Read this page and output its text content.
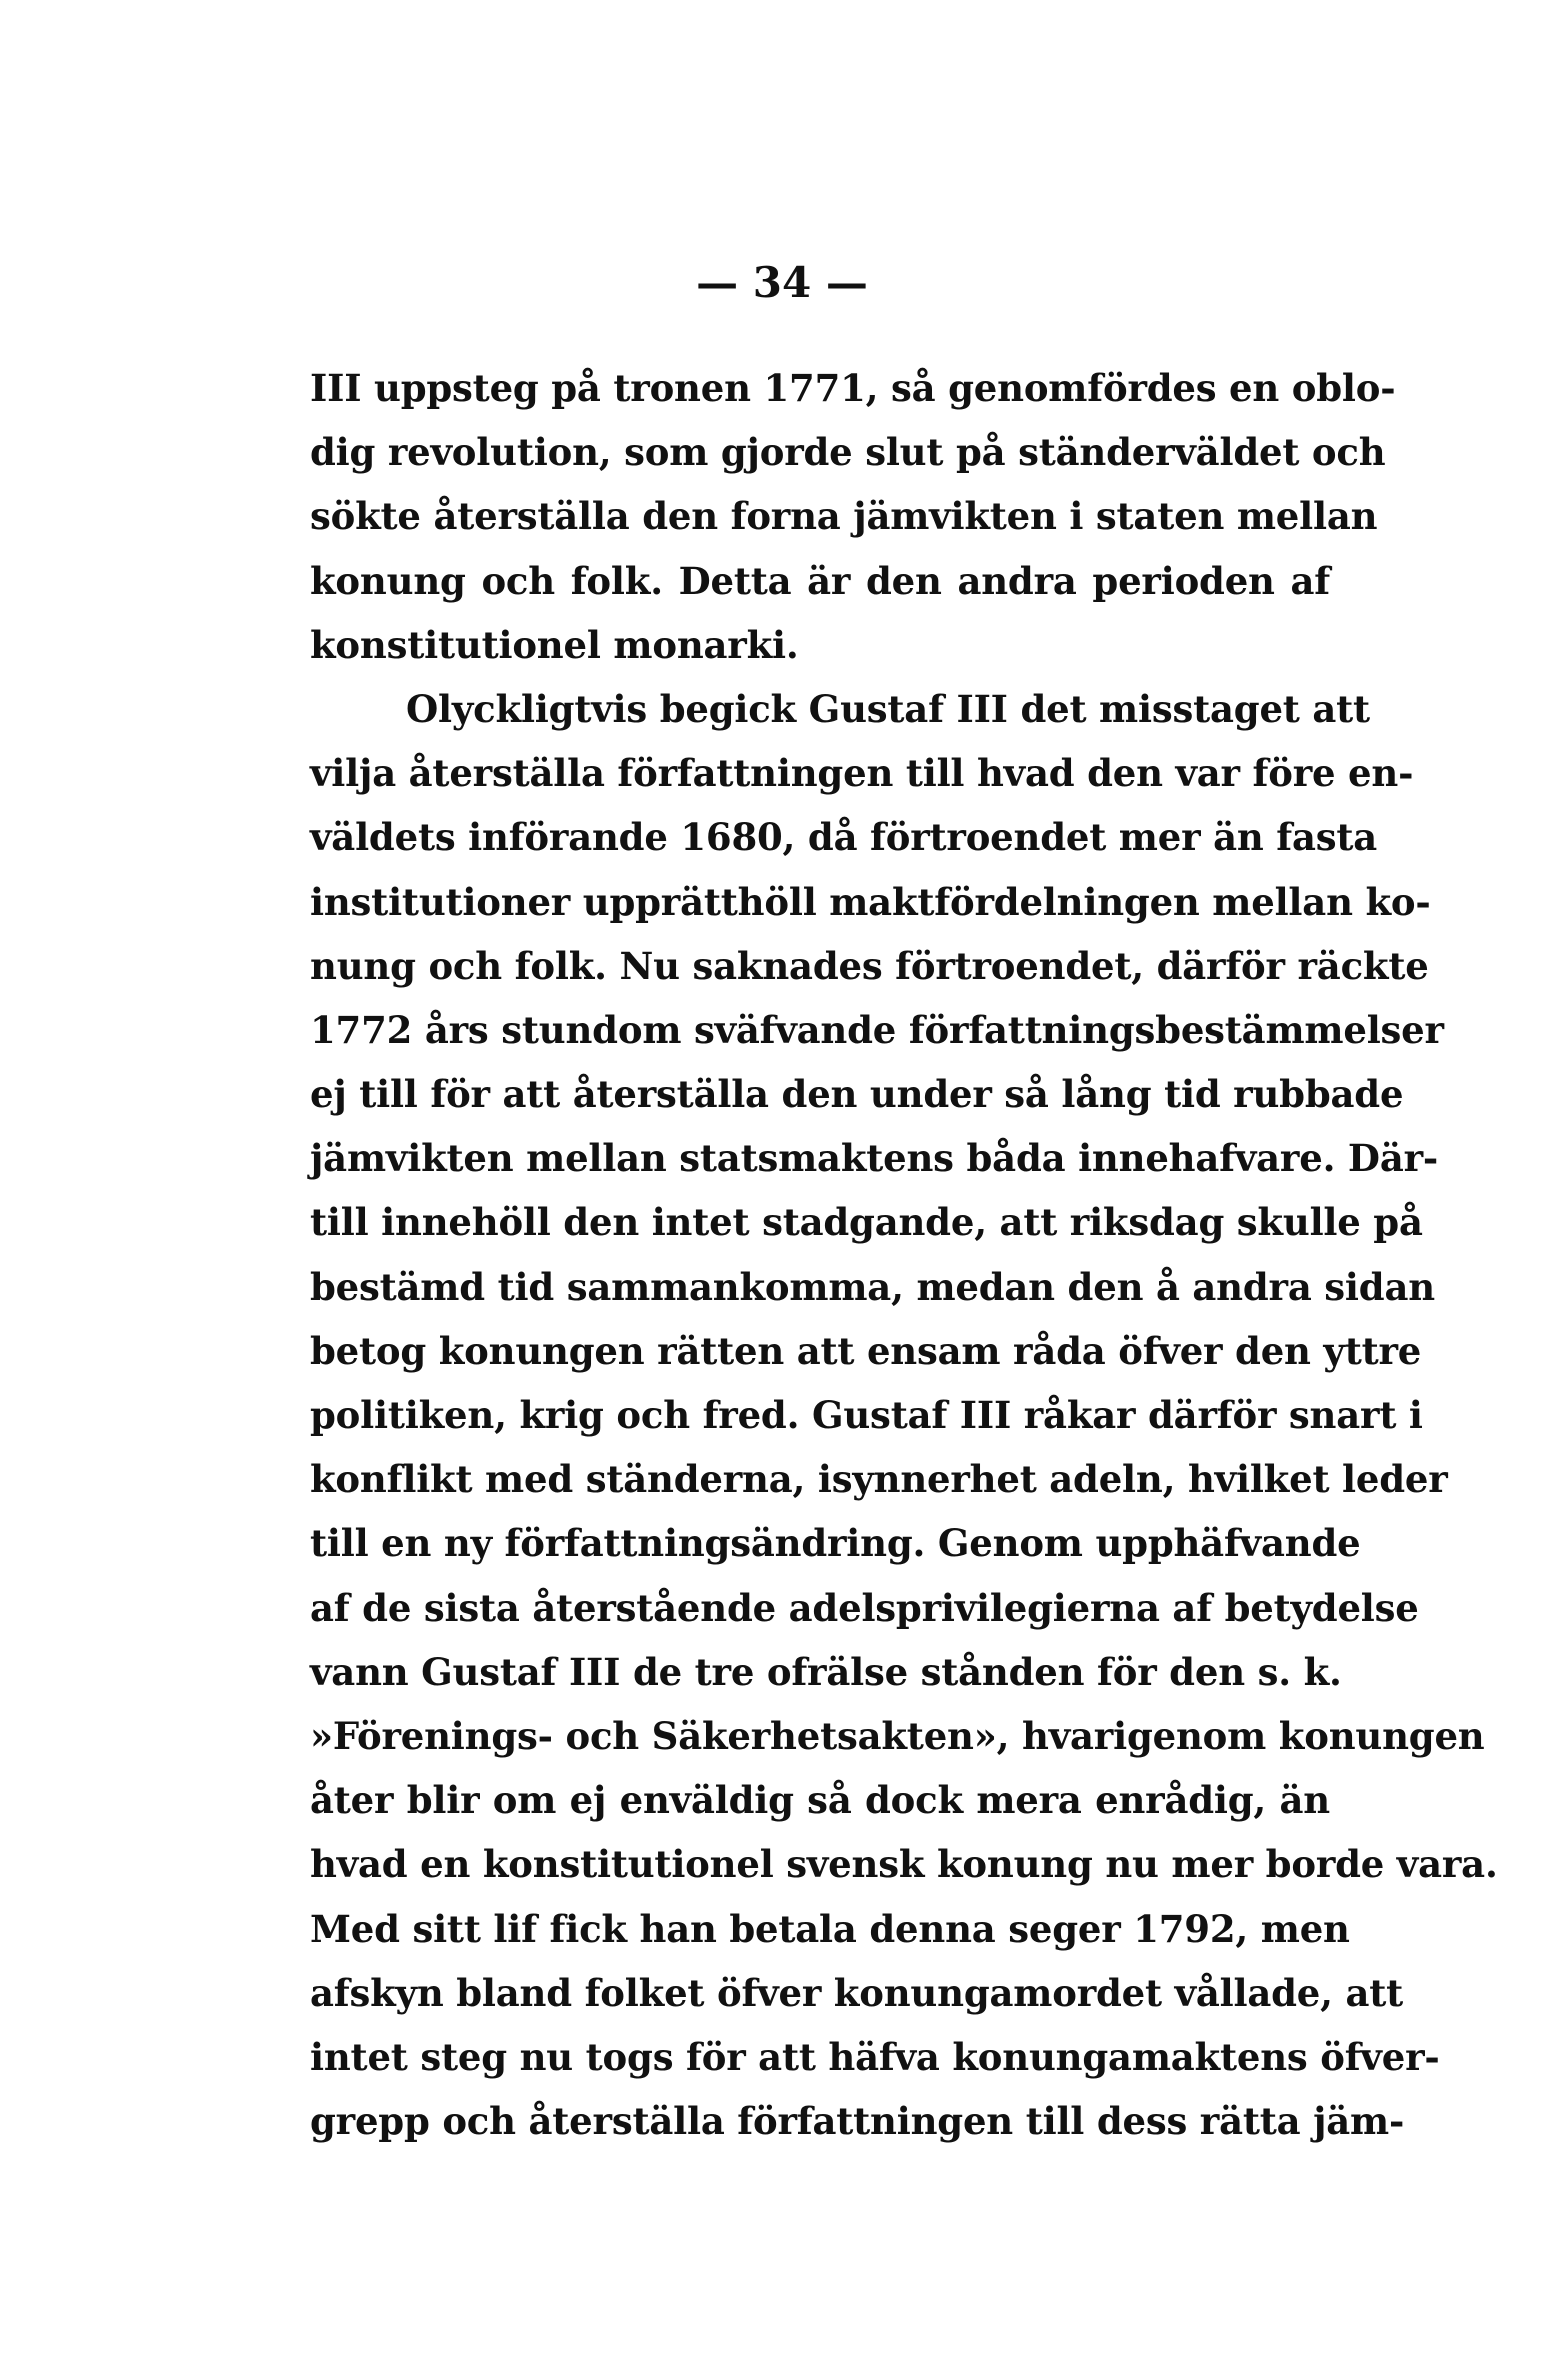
— 34 —
III uppsteg på tronen 1771, så genomfördes en oblo-
dig revolution, som gjorde slut på ständerväldet och
sökte återställa den forna jämvikten i staten mellan
konung och folk. Detta är den andra perioden af
konstitutionel monarki.
Olyckligtvis begick Gustaf III det misstaget att
vilja återställa författningen till hvad den var före en-
väldets införande 1680, då förtroendet mer än fasta
institutioner upprätthöll maktfördelningen mellan ko-
nung och folk. Nu saknades förtroendet, därför räckte
1772 års stundom sväfvande författningsbestämmelser
ej till för att återställa den under så lång tid rubbade
jämvikten mellan statsmaktens båda innehafvare. Där-
till innehöll den intet stadgande, att riksdag skulle på
bestämd tid sammankomma, medan den å andra sidan
betog konungen rätten att ensam råda öfver den yttre
politiken, krig och fred. Gustaf III råkar därför snart i
konflikt med ständerna, isynnerhet adeln, hvilket leder
till en ny författningsändring. Genom upphäfvande
af de sista återstående adelsprivilegierna af betydelse
vann Gustaf III de tre ofrälse stånden för den s. k.
»Förenings- och Säkerhetsakten», hvarigenom konungen
åter blir om ej enväldig så dock mera enrådig, än
hvad en konstitutionel svensk konung nu mer borde vara.
Med sitt lif fick han betala denna seger 1792, men
afskyn bland folket öfver konungamordet vållade, att
intet steg nu togs för att häfva konungamaktens öfver-
grepp och återställa författningen till dess rätta jäm-
